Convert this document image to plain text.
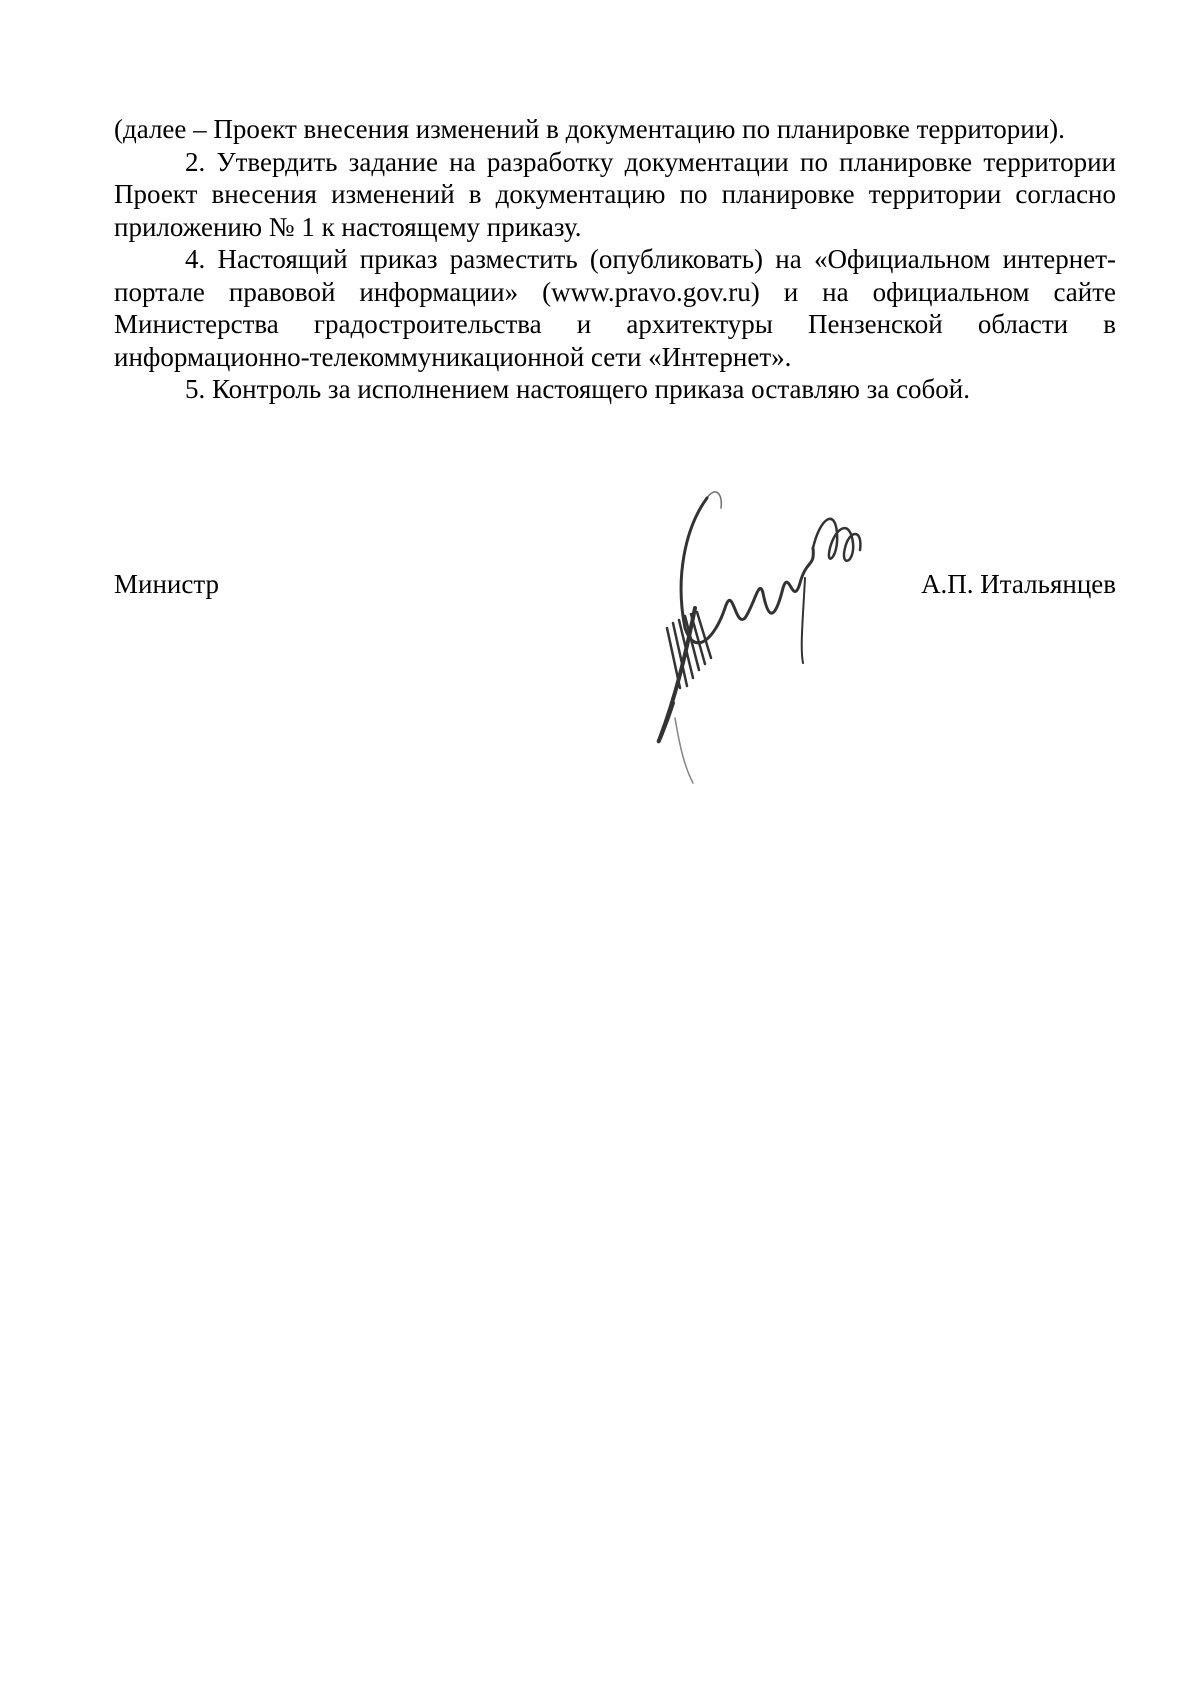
(далее – Проект внесения изменений в документацию по планировке территории).

2. Утвердить задание на разработку документации по планировке территории Проект внесения изменений в документацию по планировке территории согласно приложению № 1 к настоящему приказу.

4. Настоящий приказ разместить (опубликовать) на «Официальном интернет-портале правовой информации» (www.pravo.gov.ru) и на официальном сайте Министерства градостроительства и архитектуры Пензенской области в информационно-телекоммуникационной сети «Интернет».

5. Контроль за исполнением настоящего приказа оставляю за собой.

Министр	А.П. Итальянцев
